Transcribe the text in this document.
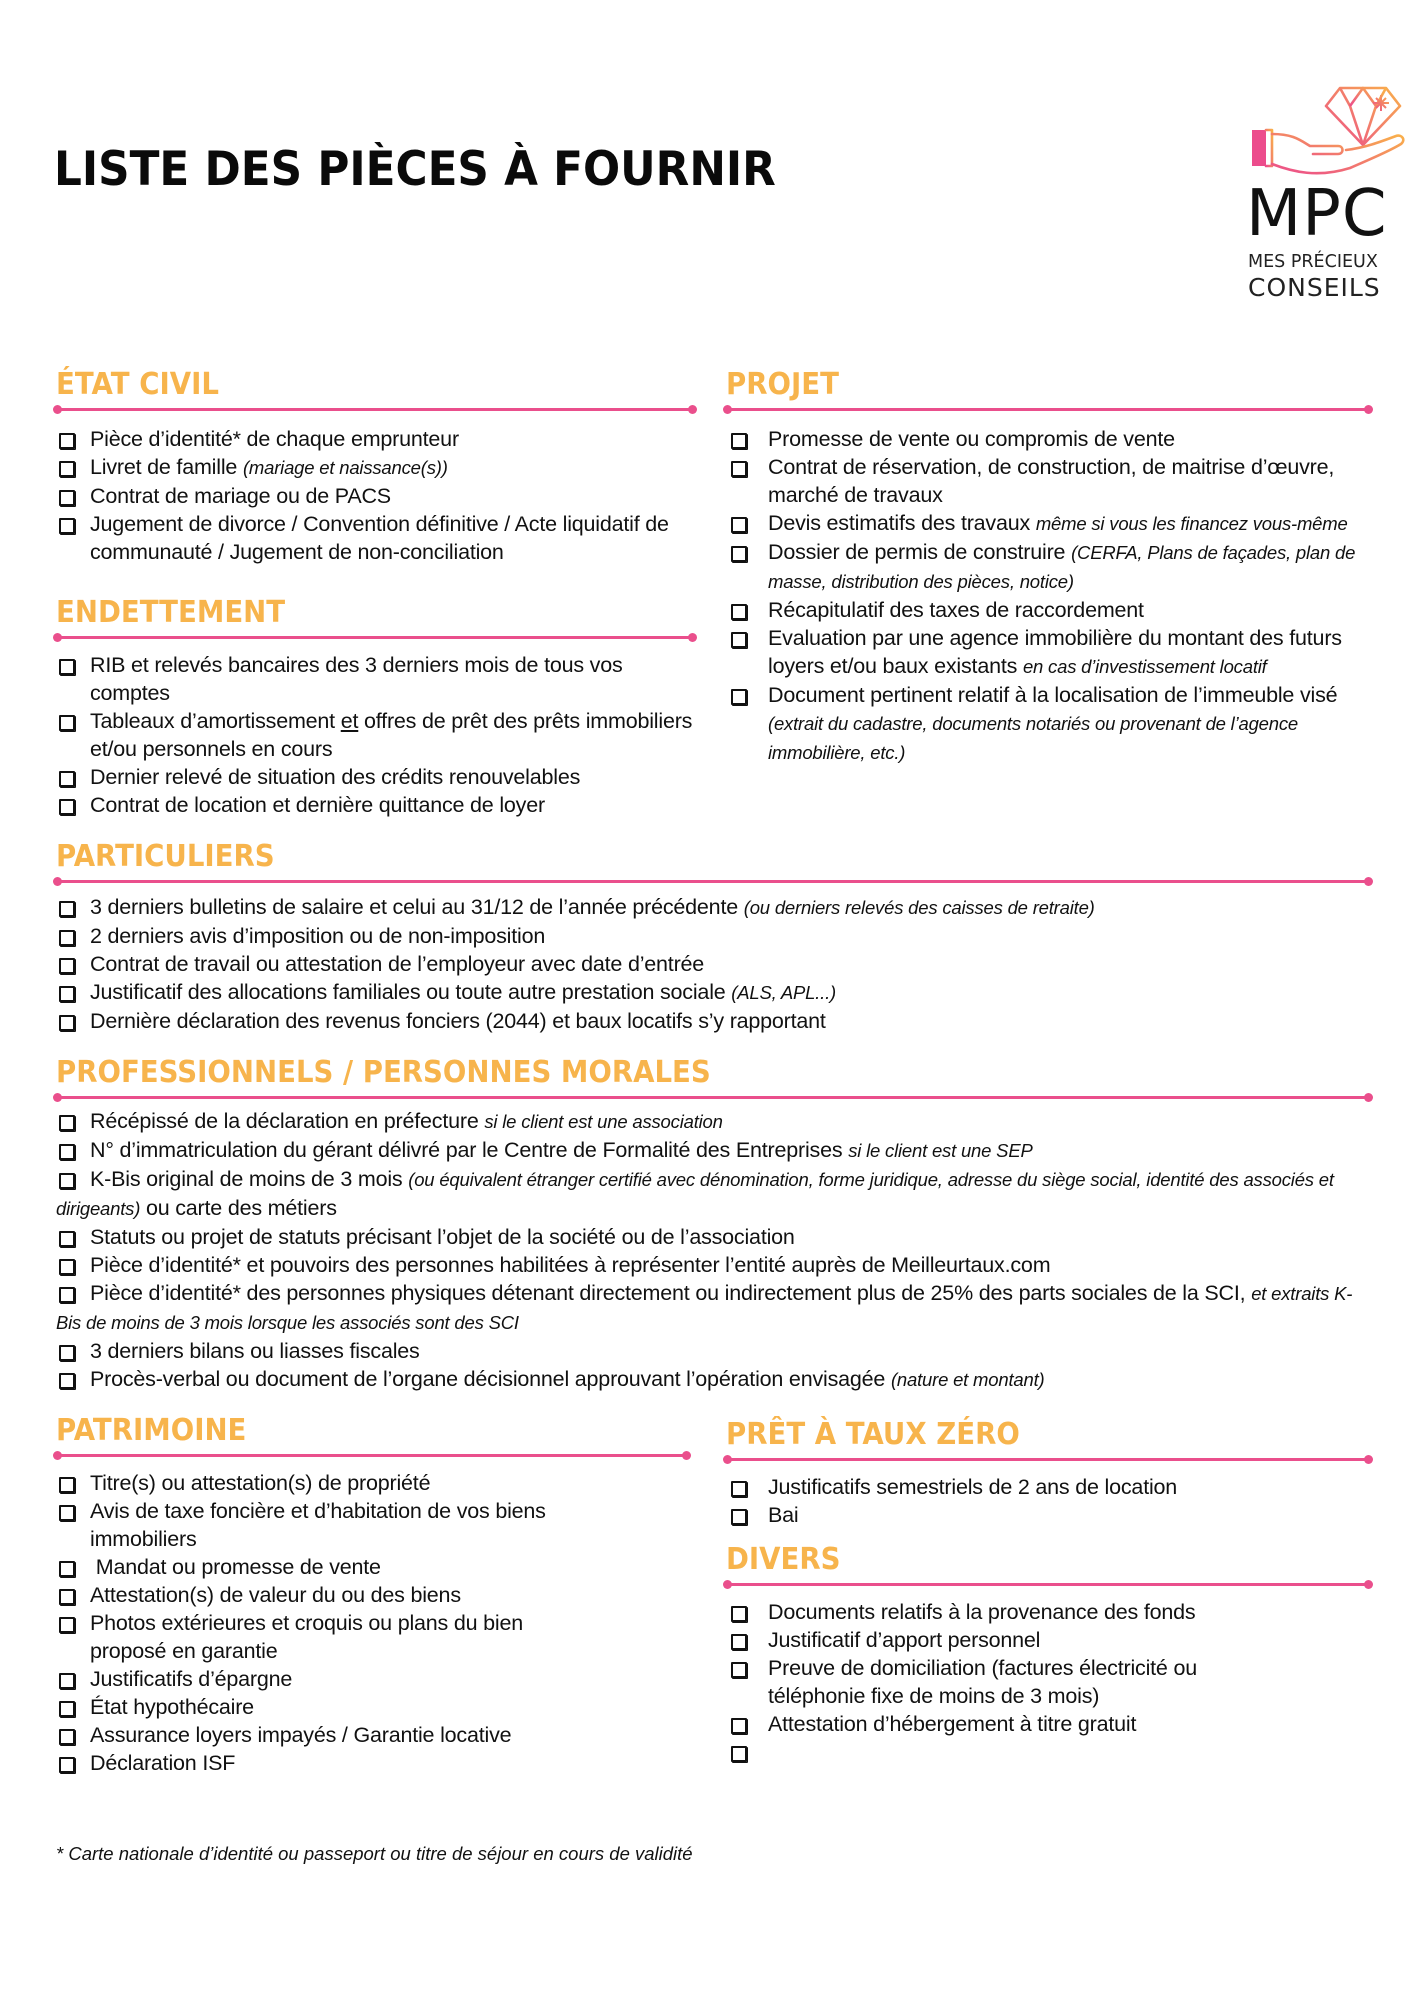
LISTE DES PIÈCES À FOURNIR
MPC
MES PRÉCIEUX
CONSEILS
ÉTAT CIVIL
Pièce d’identité* de chaque emprunteur
Livret de famille (mariage et naissance(s))
Contrat de mariage ou de PACS
Jugement de divorce / Convention définitive / Acte liquidatif de communauté / Jugement de non-conciliation
ENDETTEMENT
RIB et relevés bancaires des 3 derniers mois de tous vos comptes
Tableaux d’amortissement et offres de prêt des prêts immobiliers et/ou personnels en cours
Dernier relevé de situation des crédits renouvelables
Contrat de location et dernière quittance de loyer
PROJET
Promesse de vente ou compromis de vente
Contrat de réservation, de construction, de maitrise d’œuvre, marché de travaux
Devis estimatifs des travaux même si vous les financez vous-même
Dossier de permis de construire (CERFA, Plans de façades, plan de masse, distribution des pièces, notice)
Récapitulatif des taxes de raccordement
Evaluation par une agence immobilière du montant des futurs loyers et/ou baux existants en cas d’investissement locatif
Document pertinent relatif à la localisation de l’immeuble visé (extrait du cadastre, documents notariés ou provenant de l’agence immobilière, etc.)
PARTICULIERS
3 derniers bulletins de salaire et celui au 31/12 de l’année précédente (ou derniers relevés des caisses de retraite)
2 derniers avis d’imposition ou de non-imposition
Contrat de travail ou attestation de l’employeur avec date d’entrée
Justificatif des allocations familiales ou toute autre prestation sociale (ALS, APL...)
Dernière déclaration des revenus fonciers (2044) et baux locatifs s’y rapportant
PROFESSIONNELS / PERSONNES MORALES
Récépissé de la déclaration en préfecture si le client est une association
N° d’immatriculation du gérant délivré par le Centre de Formalité des Entreprises si le client est une SEP
K-Bis original de moins de 3 mois (ou équivalent étranger certifié avec dénomination, forme juridique, adresse du siège social, identité des associés et dirigeants) ou carte des métiers
Statuts ou projet de statuts précisant l’objet de la société ou de l’association
Pièce d’identité* et pouvoirs des personnes habilitées à représenter l’entité auprès de Meilleurtaux.com
Pièce d’identité* des personnes physiques détenant directement ou indirectement plus de 25% des parts sociales de la SCI, et extraits K-Bis de moins de 3 mois lorsque les associés sont des SCI
3 derniers bilans ou liasses fiscales
Procès-verbal ou document de l’organe décisionnel approuvant l’opération envisagée (nature et montant)
PATRIMOINE
Titre(s) ou attestation(s) de propriété
Avis de taxe foncière et d’habitation de vos biens immobiliers
Mandat ou promesse de vente
Attestation(s) de valeur du ou des biens
Photos extérieures et croquis ou plans du bien proposé en garantie
Justificatifs d’épargne
État hypothécaire
Assurance loyers impayés / Garantie locative
Déclaration ISF
PRÊT À TAUX ZÉRO
Justificatifs semestriels de 2 ans de location
Bai
DIVERS
Documents relatifs à la provenance des fonds
Justificatif d’apport personnel
Preuve de domiciliation (factures électricité ou téléphonie fixe de moins de 3 mois)
Attestation d’hébergement à titre gratuit
* Carte nationale d’identité ou passeport ou titre de séjour en cours de validité
